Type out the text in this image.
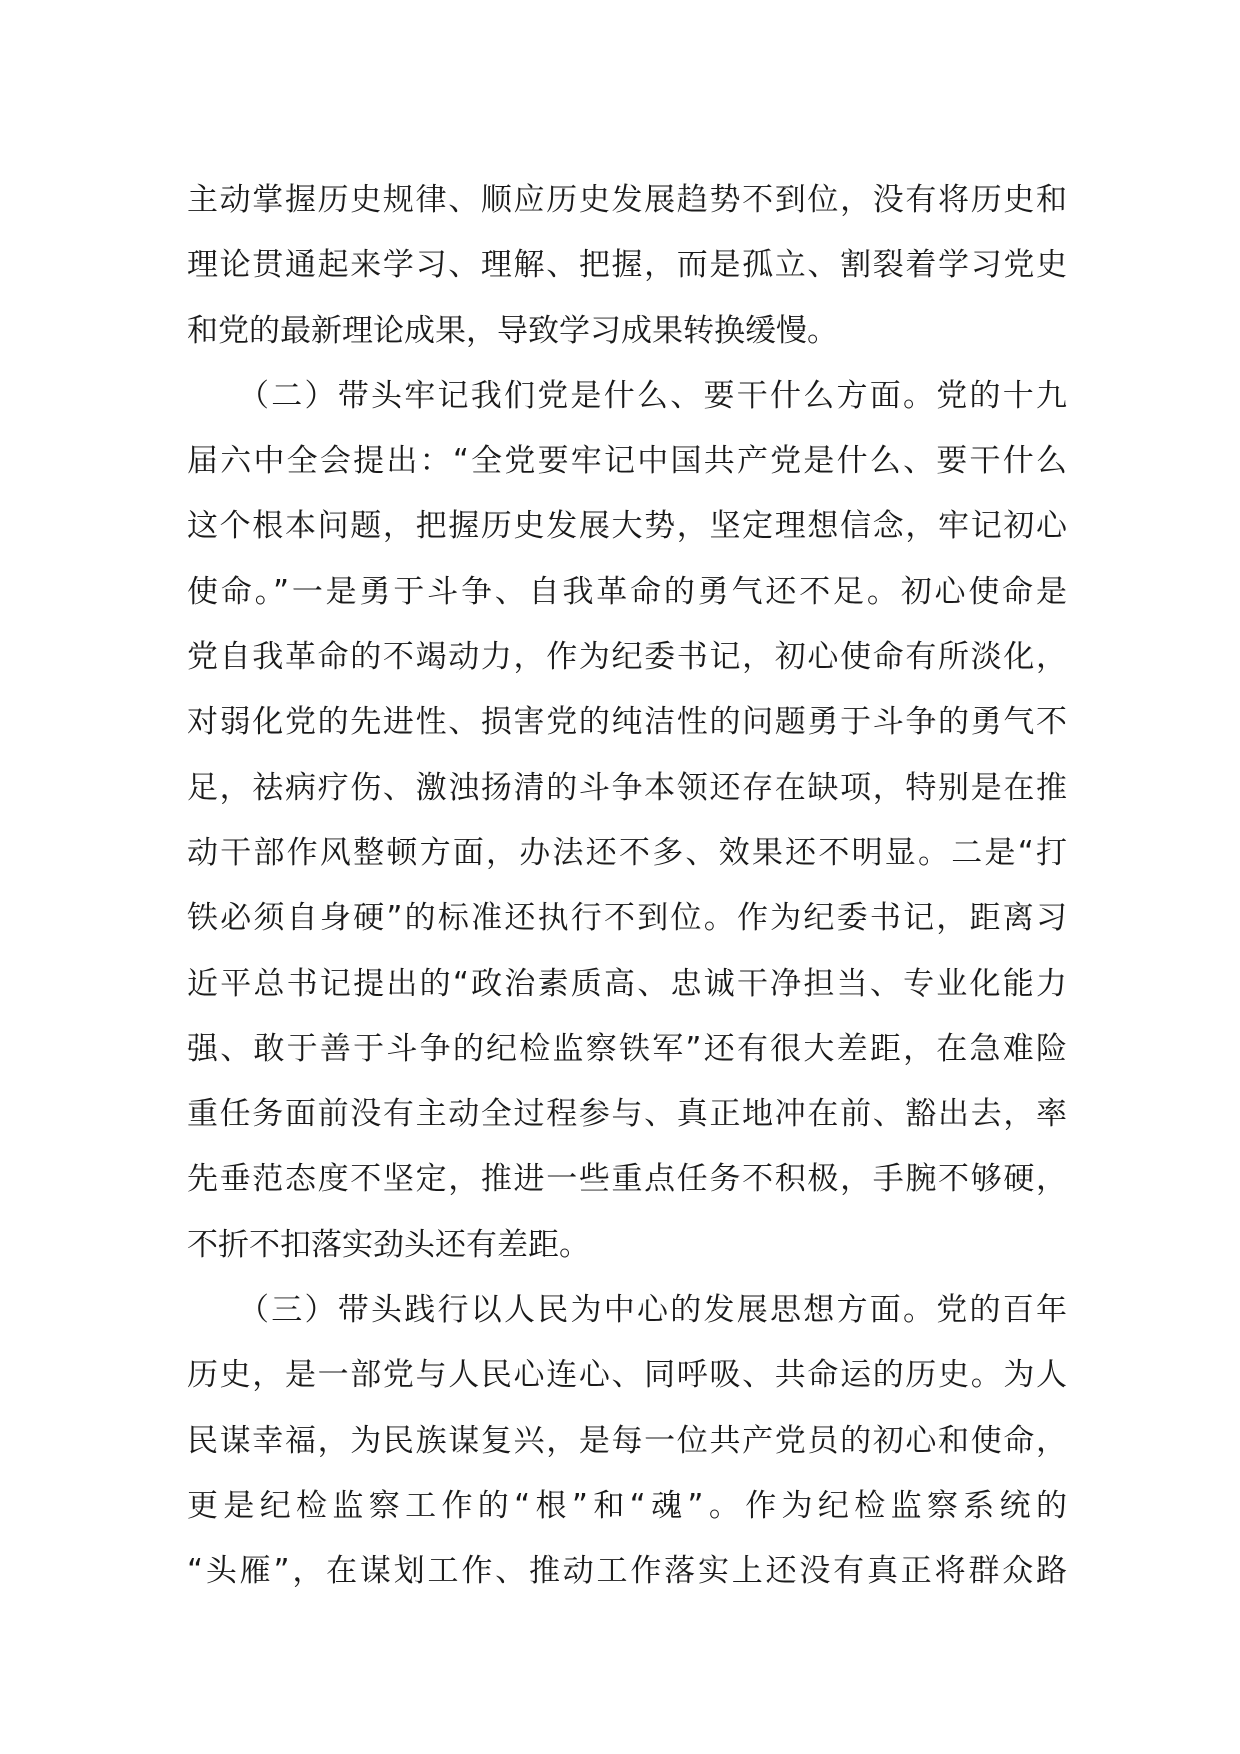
主动掌握历史规律、顺应历史发展趋势不到位，没有将历史和
理论贯通起来学习、理解、把握，而是孤立、割裂着学习党史
和党的最新理论成果，导致学习成果转换缓慢。
　　（二）带头牢记我们党是什么、要干什么方面。党的十九
届六中全会提出：“全党要牢记中国共产党是什么、要干什么
这个根本问题，把握历史发展大势，坚定理想信念，牢记初心
使命。”一是勇于斗争、自我革命的勇气还不足。初心使命是
党自我革命的不竭动力，作为纪委书记，初心使命有所淡化，
对弱化党的先进性、损害党的纯洁性的问题勇于斗争的勇气不
足，祛病疗伤、激浊扬清的斗争本领还存在缺项，特别是在推
动干部作风整顿方面，办法还不多、效果还不明显。二是“打
铁必须自身硬”的标准还执行不到位。作为纪委书记，距离习
近平总书记提出的“政治素质高、忠诚干净担当、专业化能力
强、敢于善于斗争的纪检监察铁军”还有很大差距，在急难险
重任务面前没有主动全过程参与、真正地冲在前、豁出去，率
先垂范态度不坚定，推进一些重点任务不积极，手腕不够硬，
不折不扣落实劲头还有差距。
　　（三）带头践行以人民为中心的发展思想方面。党的百年
历史，是一部党与人民心连心、同呼吸、共命运的历史。为人
民谋幸福，为民族谋复兴，是每一位共产党员的初心和使命，
更是纪检监察工作的“根”和“魂”。作为纪检监察系统的
“头雁”，在谋划工作、推动工作落实上还没有真正将群众路
